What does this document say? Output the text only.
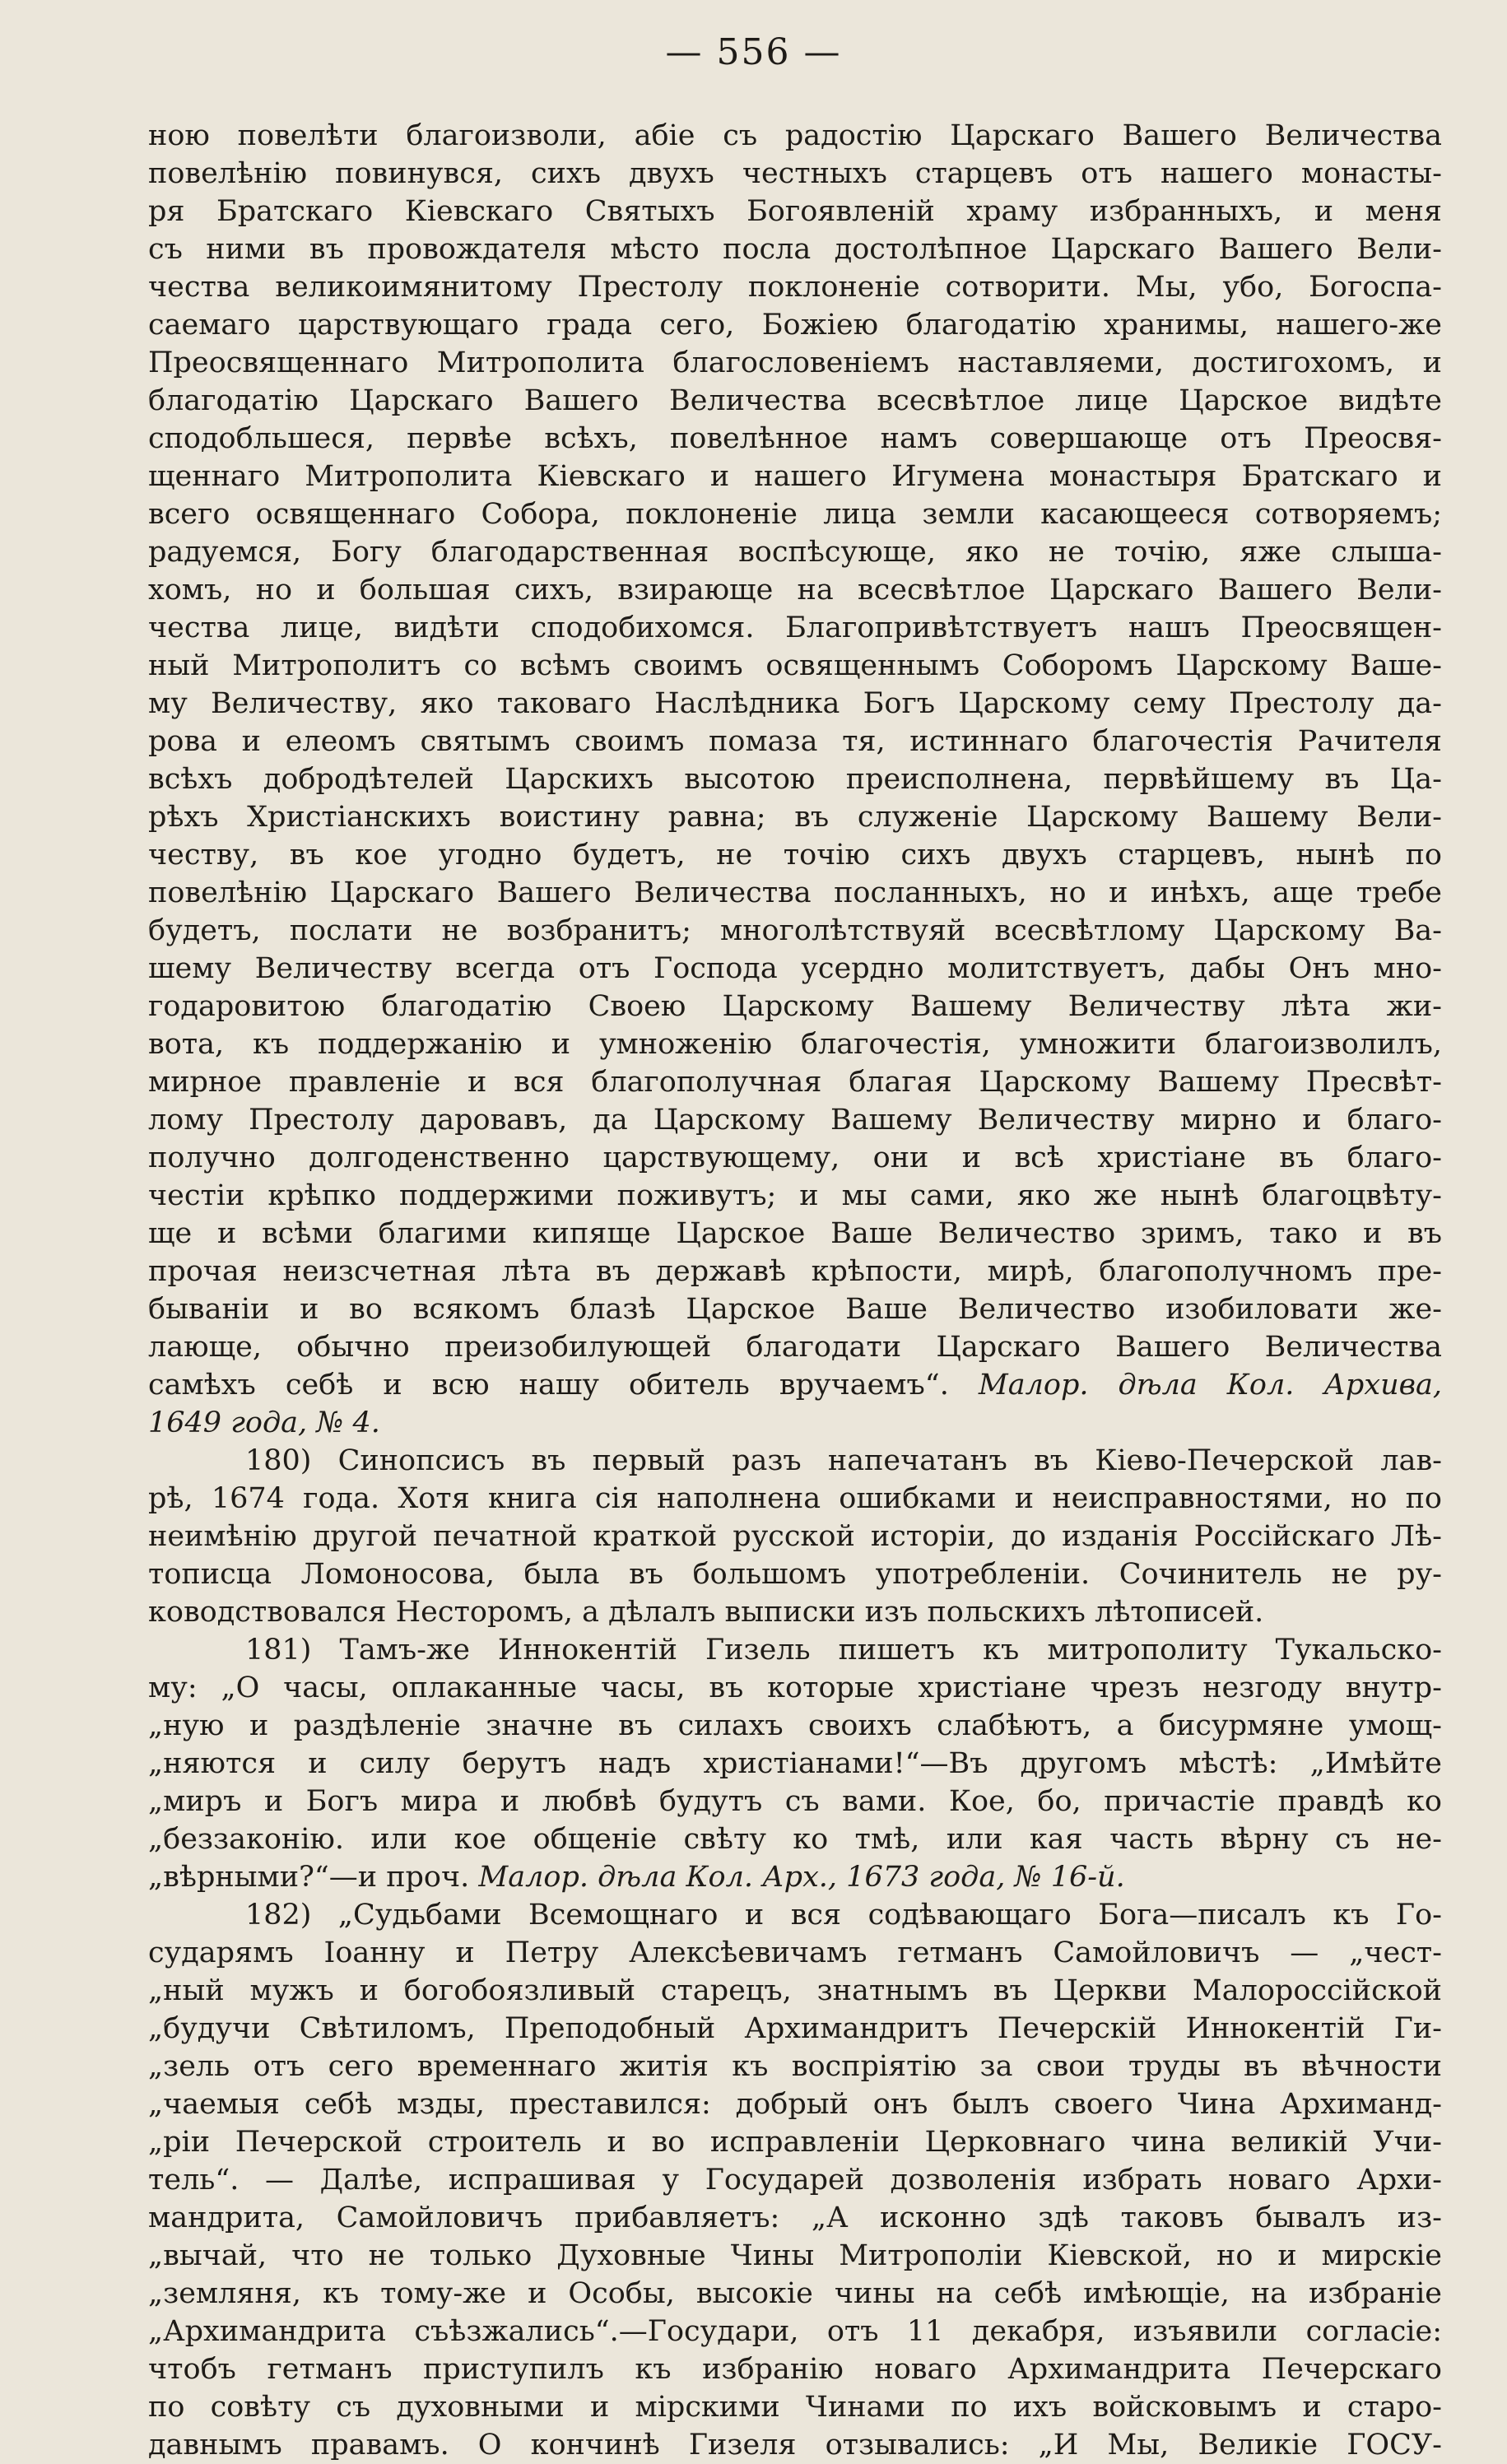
— 556 —
ною повелѣти благоизволи, абіе съ радостію Царскаго Вашего Величества
повелѣнію повинувся, сихъ двухъ честныхъ старцевъ отъ нашего монасты-
ря Братскаго Кіевскаго Святыхъ Богоявленій храму избранныхъ, и меня
съ ними въ провождателя мѣсто посла достолѣпное Царскаго Вашего Вели-
чества великоимянитому Престолу поклоненіе сотворити. Мы, убо, Богоспа-
саемаго царствующаго града сего, Божіею благодатію хранимы, нашего-же
Преосвященнаго Митрополита благословеніемъ наставляеми, достигохомъ, и
благодатію Царскаго Вашего Величества всесвѣтлое лице Царское видѣте
сподобльшеся, первѣе всѣхъ, повелѣнное намъ совершающе отъ Преосвя-
щеннаго Митрополита Кіевскаго и нашего Игумена монастыря Братскаго и
всего освященнаго Собора, поклоненіе лица земли касающееся сотворяемъ;
радуемся, Богу благодарственная воспѣсующе, яко не точію, яже слыша-
хомъ, но и большая сихъ, взирающе на всесвѣтлое Царскаго Вашего Вели-
чества лице, видѣти сподобихомся. Благопривѣтствуетъ нашъ Преосвящен-
ный Митрополитъ со всѣмъ своимъ освященнымъ Соборомъ Царскому Вашe-
му Величеству, яко таковаго Наслѣдника Богъ Царскому сему Престолу да-
рова и елеомъ святымъ своимъ помаза тя, истиннаго благочестія Рачителя
всѣхъ добродѣтелей Царскихъ высотою преисполнена, первѣйшему въ Ца-
рѣхъ Христіанскихъ воистину равна; въ служеніе Царскому Вашему Вели-
честву, въ кое угодно будетъ, не точію сихъ двухъ старцевъ, нынѣ по
повелѣнію Царскаго Вашего Величества посланныхъ, но и инѣхъ, аще требе
будетъ, послати не возбранитъ; многолѣтствуяй всесвѣтлому Царскому Ва-
шему Величеству всегда отъ Господа усердно молитствуетъ, дабы Онъ мно-
годаровитою благодатію Своею Царскому Вашему Величеству лѣта жи-
вота, къ поддержанію и умноженію благочестія, умножити благоизволилъ,
мирное правленіе и вся благополучная благая Царскому Вашему Пресвѣт-
лому Престолу даровавъ, да Царскому Вашему Величеству мирно и благо-
получно долгоденственно царствующему, они и всѣ христіане въ благо-
честіи крѣпко поддержими поживутъ; и мы сами, яко же нынѣ благоцвѣту-
ще и всѣми благими кипяще Царское Ваше Величество зримъ, тако и въ
прочая неизсчетная лѣта въ державѣ крѣпости, мирѣ, благополучномъ пре-
бываніи и во всякомъ блазѣ Царское Ваше Величество изобиловати же-
лающе, обычно преизобилующей благодати Царскаго Вашего Величества
самѣхъ себѣ и всю нашу обитель вручаемъ“. Малор. дѣла Кол. Архива,
1649 года, № 4.
180) Синопсисъ въ первый разъ напечатанъ въ Кіево-Печерской лав-
рѣ, 1674 года. Хотя книга сія наполнена ошибками и неисправностями, но по
неимѣнію другой печатной краткой русской исторіи, до изданія Россійскаго Лѣ-
тописца Ломоносова, была въ большомъ употребленіи. Сочинитель не ру-
ководствовался Несторомъ, а дѣлалъ выписки изъ польскихъ лѣтописей.
181) Тамъ-же Иннокентій Гизель пишетъ къ митрополиту Тукальско-
му: „О часы, оплаканные часы, въ которые христіане чрезъ незгоду внутр-
„ную и раздѣленіе значне въ силахъ своихъ слабѣютъ, а бисурмяне умощ-
„няются и силу берутъ надъ христіанами!“—Въ другомъ мѣстѣ: „Имѣйте
„миръ и Богъ мира и любвѣ будутъ съ вами. Кое, бо, причастіе правдѣ ко
„беззаконію. или кое общеніе свѣту ко тмѣ, или кая часть вѣрну съ не-
„вѣрными?“—и проч. Малор. дѣла Кол. Арх., 1673 года, № 16-й.
182) „Судьбами Всемощнаго и вся содѣвающаго Бога—писалъ къ Го-
сударямъ Іоанну и Петру Алексѣевичамъ гетманъ Самойловичъ — „чест-
„ный мужъ и богобоязливый старецъ, знатнымъ въ Церкви Малороссійской
„будучи Свѣтиломъ, Преподобный Архимандритъ Печерскій Иннокентій Ги-
„зель отъ сего временнаго житія къ воспріятію за свои труды въ вѣчности
„чаемыя себѣ мзды, преставился: добрый онъ былъ своего Чина Архиманд-
„ріи Печерской строитель и во исправленіи Церковнаго чина великій Учи-
тель“. — Далѣе, испрашивая у Государей дозволенія избрать новаго Архи-
мандрита, Самойловичъ прибавляетъ: „А исконно здѣ таковъ бывалъ из-
„вычай, что не только Духовные Чины Митрополіи Кіевской, но и мирскіе
„земляня, къ тому-же и Особы, высокіе чины на себѣ имѣющіе, на избраніе
„Архимандрита съѣзжались“.—Государи, отъ 11 декабря, изъявили согласіе:
чтобъ гетманъ приступилъ къ избранію новаго Архимандрита Печерскаго
по совѣту съ духовными и мірскими Чинами по ихъ войсковымъ и старо-
давнымъ правамъ. О кончинѣ Гизеля отзывались: „И Мы, Великіе ГОСУ-
